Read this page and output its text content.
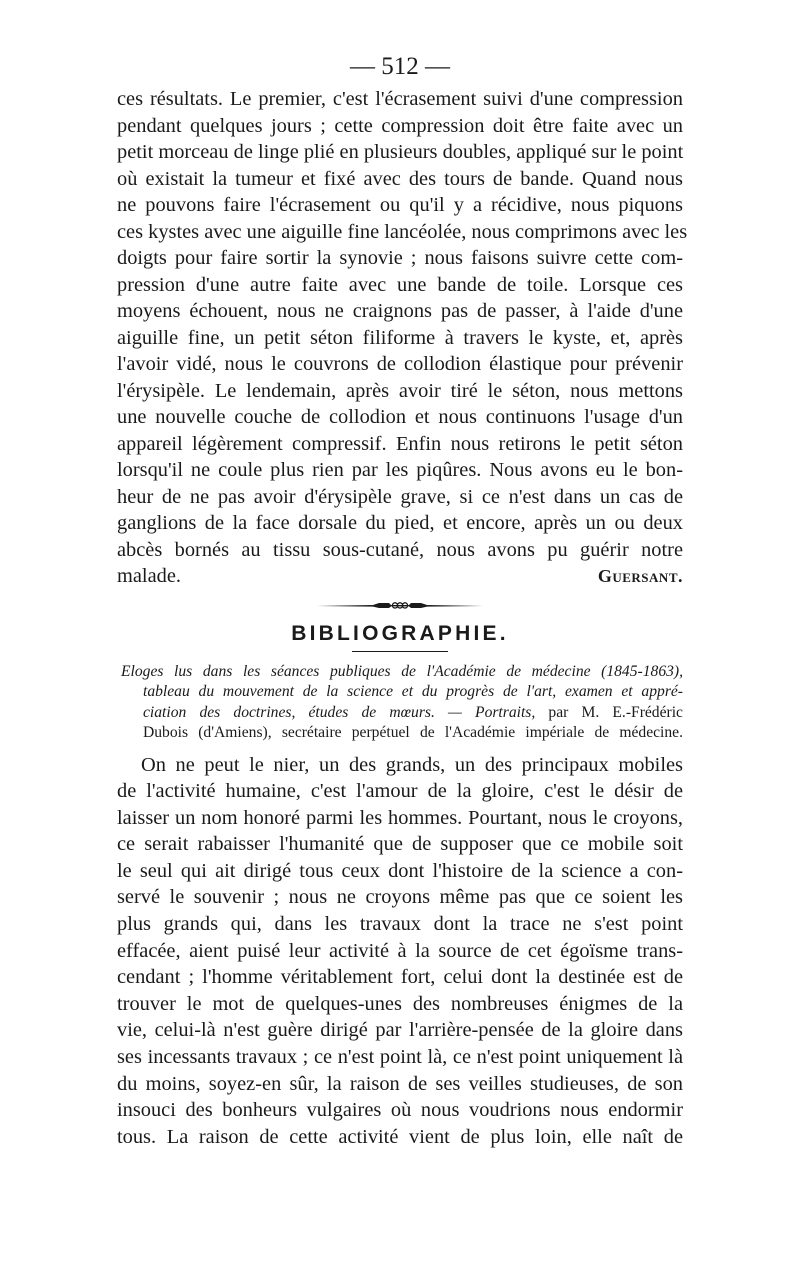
— 512 —
ces résultats. Le premier, c'est l'écrasement suivi d'une compression
pendant quelques jours ; cette compression doit être faite avec un
petit morceau de linge plié en plusieurs doubles, appliqué sur le point
où existait la tumeur et fixé avec des tours de bande. Quand nous
ne pouvons faire l'écrasement ou qu'il y a récidive, nous piquons
ces kystes avec une aiguille fine lancéolée, nous comprimons avec les
doigts pour faire sortir la synovie ; nous faisons suivre cette com-
pression d'une autre faite avec une bande de toile. Lorsque ces
moyens échouent, nous ne craignons pas de passer, à l'aide d'une
aiguille fine, un petit séton filiforme à travers le kyste, et, après
l'avoir vidé, nous le couvrons de collodion élastique pour prévenir
l'érysipèle. Le lendemain, après avoir tiré le séton, nous mettons
une nouvelle couche de collodion et nous continuons l'usage d'un
appareil légèrement compressif. Enfin nous retirons le petit séton
lorsqu'il ne coule plus rien par les piqûres. Nous avons eu le bon-
heur de ne pas avoir d'érysipèle grave, si ce n'est dans un cas de
ganglions de la face dorsale du pied, et encore, après un ou deux
abcès bornés au tissu sous-cutané, nous avons pu guérir notre
malade.	Guersant.
BIBLIOGRAPHIE.
Eloges lus dans les séances publiques de l'Académie de médecine (1845-1863),
tableau du mouvement de la science et du progrès de l'art, examen et appré-
ciation des doctrines, études de mœurs. — Portraits, par M. E.-Frédéric
Dubois (d'Amiens), secrétaire perpétuel de l'Académie impériale de médecine.
On ne peut le nier, un des grands, un des principaux mobiles
de l'activité humaine, c'est l'amour de la gloire, c'est le désir de
laisser un nom honoré parmi les hommes. Pourtant, nous le croyons,
ce serait rabaisser l'humanité que de supposer que ce mobile soit
le seul qui ait dirigé tous ceux dont l'histoire de la science a con-
servé le souvenir ; nous ne croyons même pas que ce soient les
plus grands qui, dans les travaux dont la trace ne s'est point
effacée, aient puisé leur activité à la source de cet égoïsme trans-
cendant ; l'homme véritablement fort, celui dont la destinée est de
trouver le mot de quelques-unes des nombreuses énigmes de la
vie, celui-là n'est guère dirigé par l'arrière-pensée de la gloire dans
ses incessants travaux ; ce n'est point là, ce n'est point uniquement là
du moins, soyez-en sûr, la raison de ses veilles studieuses, de son
insouci des bonheurs vulgaires où nous voudrions nous endormir
tous. La raison de cette activité vient de plus loin, elle naît de
